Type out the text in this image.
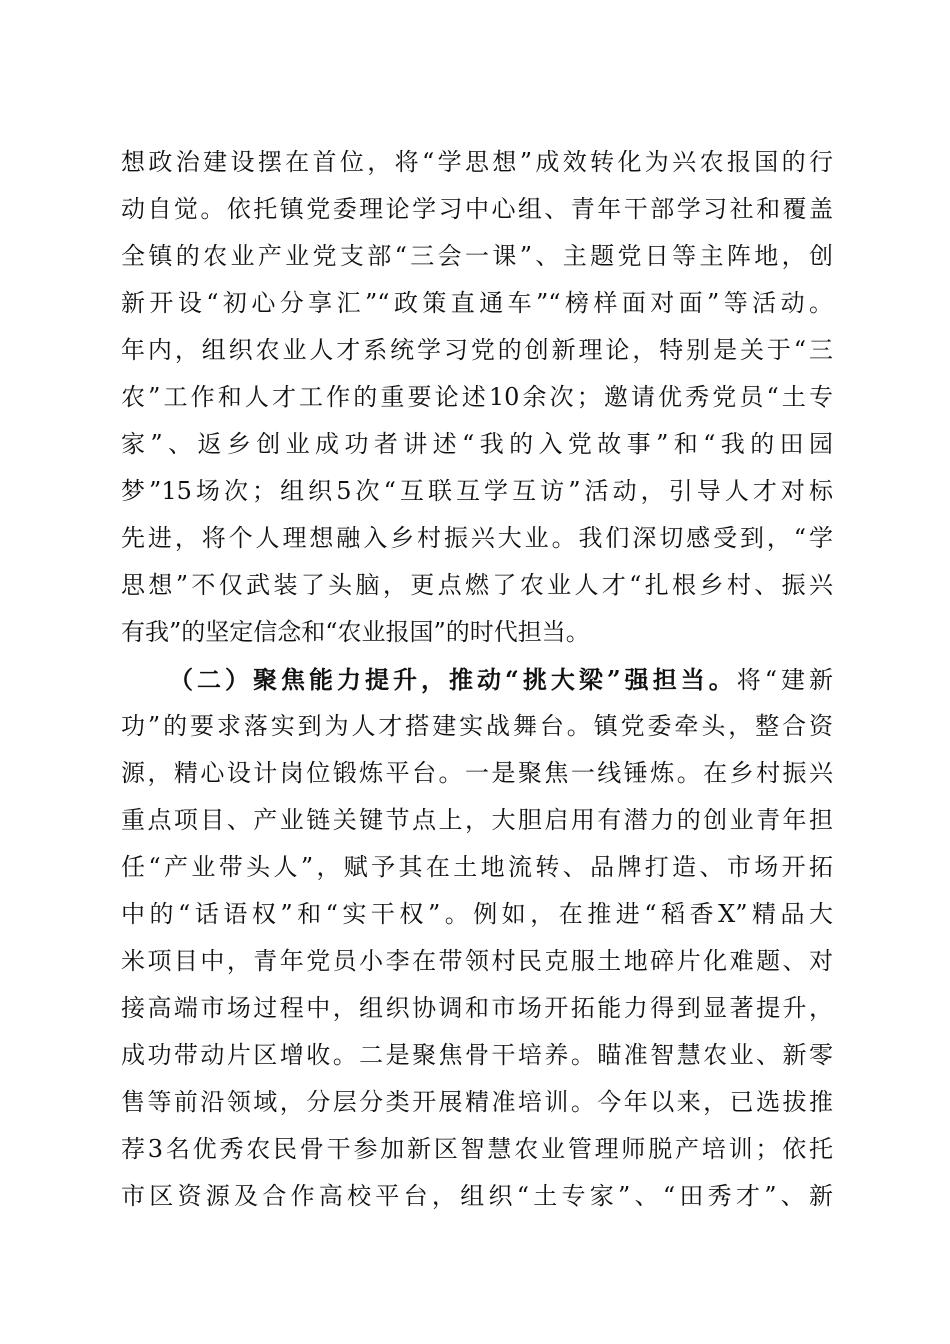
想政治建设摆在首位，将“学思想”成效转化为兴农报国的行
动自觉。依托镇党委理论学习中心组、青年干部学习社和覆盖
全镇的农业产业党支部“三会一课”、主题党日等主阵地，创
新开设“初心分享汇”“政策直通车”“榜样面对面”等活动。
年内，组织农业人才系统学习党的创新理论，特别是关于“三
农”工作和人才工作的重要论述10余次；邀请优秀党员“土专
家”、返乡创业成功者讲述“我的入党故事”和“我的田园
梦”15场次；组织5次“互联互学互访”活动，引导人才对标
先进，将个人理想融入乡村振兴大业。我们深切感受到，“学
思想”不仅武装了头脑，更点燃了农业人才“扎根乡村、振兴
有我”的坚定信念和“农业报国”的时代担当。
（二）聚焦能力提升，推动“挑大梁”强担当。将“建新
功”的要求落实到为人才搭建实战舞台。镇党委牵头，整合资
源，精心设计岗位锻炼平台。一是聚焦一线锤炼。在乡村振兴
重点项目、产业链关键节点上，大胆启用有潜力的创业青年担
任“产业带头人”，赋予其在土地流转、品牌打造、市场开拓
中的“话语权”和“实干权”。例如，在推进“稻香X”精品大
米项目中，青年党员小李在带领村民克服土地碎片化难题、对
接高端市场过程中，组织协调和市场开拓能力得到显著提升，
成功带动片区增收。二是聚焦骨干培养。瞄准智慧农业、新零
售等前沿领域，分层分类开展精准培训。今年以来，已选拔推
荐3名优秀农民骨干参加新区智慧农业管理师脱产培训；依托
市区资源及合作高校平台，组织“土专家”、“田秀才”、新
